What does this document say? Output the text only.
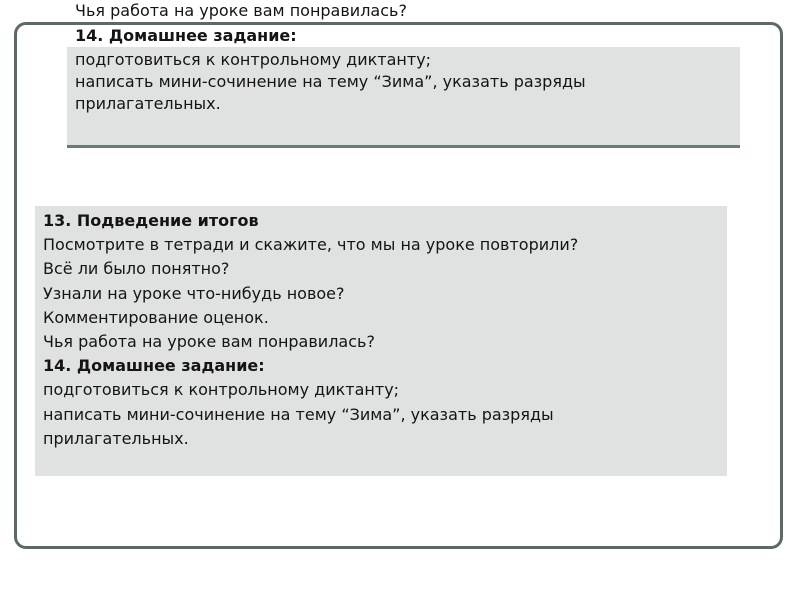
Чья работа на уроке вам понравилась?
14. Домашнее задание:
подготовиться к контрольному диктанту;
написать мини-сочинение на тему “Зима”, указать разряды
прилагательных.
13. Подведение итогов
Посмотрите в тетради и скажите, что мы на уроке повторили?
Всё ли было понятно?
Узнали на уроке что-нибудь новое?
Комментирование оценок.
Чья работа на уроке вам понравилась?
14. Домашнее задание:
подготовиться к контрольному диктанту;
написать мини-сочинение на тему “Зима”, указать разряды
прилагательных.
